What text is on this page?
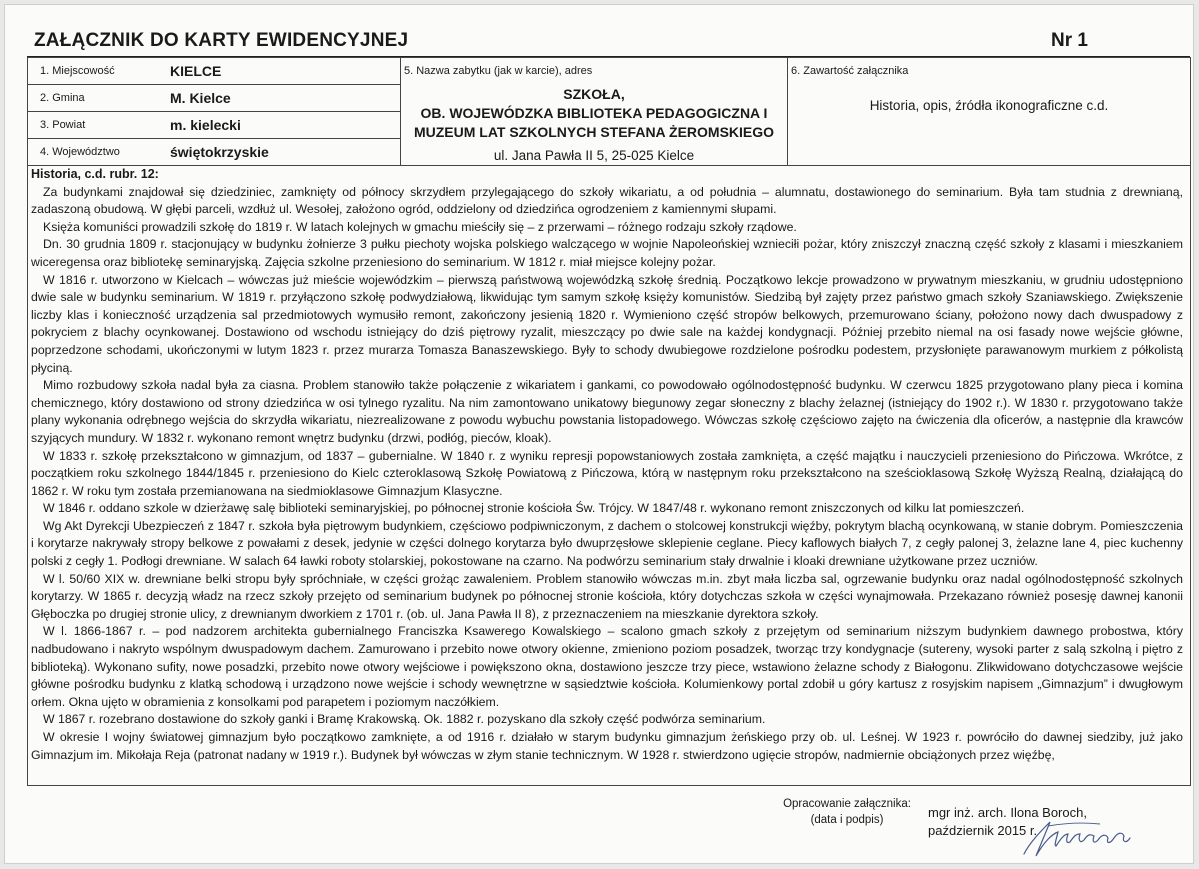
ZAŁĄCZNIK DO KARTY EWIDENCYJNEJ	Nr 1
1. Miejscowość	KIELCE	5. Nazwa zabytku (jak w karcie), adres
SZKOŁA,
OB. WOJEWÓDZKA BIBLIOTEKA PEDAGOGICZNA I
MUZEUM LAT SZKOLNYCH STEFANA ŻEROMSKIEGO
ul. Jana Pawła II 5, 25-025 Kielce

6. Zawartość załącznika
Historia, opis, źródła ikonograficzne c.d.

2. Gmina	M. Kielce

3. Powiat	m. kielecki

4. Województwo	świętokrzyskie
Historia, c.d. rubr. 12:

Za budynkami znajdował się dziedziniec, zamknięty od północy skrzydłem przylegającego do szkoły wikariatu, a od południa – alumnatu, dostawionego do seminarium. Była tam studnia z drewnianą, zadaszoną obudową. W głębi parceli, wzdłuż ul. Wesołej, założono ogród, oddzielony od dziedzińca ogrodzeniem z kamiennymi słupami.

Księża komuniści prowadzili szkołę do 1819 r. W latach kolejnych w gmachu mieściły się – z przerwami – różnego rodzaju szkoły rządowe.

Dn. 30 grudnia 1809 r. stacjonujący w budynku żołnierze 3 pułku piechoty wojska polskiego walczącego w wojnie Napoleońskiej wznieciłi pożar, który zniszczył znaczną część szkoły z klasami i mieszkaniem wiceregensa oraz bibliotekę seminaryjską. Zajęcia szkolne przeniesiono do seminarium. W 1812 r. miał miejsce kolejny pożar.

W 1816 r. utworzono w Kielcach – wówczas już mieście wojewódzkim – pierwszą państwową wojewódzką szkołę średnią. Początkowo lekcje prowadzono w prywatnym mieszkaniu, w grudniu udostępniono dwie sale w budynku seminarium. W 1819 r. przyłączono szkołę podwydziałową, likwidując tym samym szkołę księży komunistów. Siedzibą był zajęty przez państwo gmach szkoły Szaniawskiego. Zwiększenie liczby klas i konieczność urządzenia sal przedmiotowych wymusiło remont, zakończony jesienią 1820 r. Wymieniono część stropów belkowych, przemurowano ściany, położono nowy dach dwuspadowy z pokryciem z blachy ocynkowanej. Dostawiono od wschodu istniejący do dziś piętrowy ryzalit, mieszczący po dwie sale na każdej kondygnacji. Później przebito niemal na osi fasady nowe wejście główne, poprzedzone schodami, ukończonymi w lutym 1823 r. przez murarza Tomasza Banaszewskiego. Były to schody dwubiegowe rozdzielone pośrodku podestem, przysłonięte parawanowym murkiem z półkolistą płyciną.

Mimo rozbudowy szkoła nadal była za ciasna. Problem stanowiło także połączenie z wikariatem i gankami, co powodowało ogólnodostępność budynku. W czerwcu 1825 przygotowano plany pieca i komina chemicznego, który dostawiono od strony dziedzińca w osi tylnego ryzalitu. Na nim zamontowano unikatowy biegunowy zegar słoneczny z blachy żelaznej (istniejący do 1902 r.). W 1830 r. przygotowano także plany wykonania odrębnego wejścia do skrzydła wikariatu, niezrealizowane z powodu wybuchu powstania listopadowego. Wówczas szkołę częściowo zajęto na ćwiczenia dla oficerów, a następnie dla krawców szyjących mundury. W 1832 r. wykonano remont wnętrz budynku (drzwi, podłóg, pieców, kloak).

W 1833 r. szkołę przekształcono w gimnazjum, od 1837 – gubernialne. W 1840 r. z wyniku represji popowstaniowych została zamknięta, a część majątku i nauczycieli przeniesiono do Pińczowa. Wkrótce, z początkiem roku szkolnego 1844/1845 r. przeniesiono do Kielc czteroklasową Szkołę Powiatową z Pińczowa, którą w następnym roku przekształcono na sześcioklasową Szkołę Wyższą Realną, działającą do 1862 r. W roku tym została przemianowana na siedmioklasowe Gimnazjum Klasyczne.

W 1846 r. oddano szkole w dzierżawę salę biblioteki seminaryjskiej, po północnej stronie kościoła Św. Trójcy. W 1847/48 r. wykonano remont zniszczonych od kilku lat pomieszczeń.

Wg Akt Dyrekcji Ubezpieczeń z 1847 r. szkoła była piętrowym budynkiem, częściowo podpiwniczonym, z dachem o stolcowej konstrukcji więźby, pokrytym blachą ocynkowaną, w stanie dobrym. Pomieszczenia i korytarze nakrywały stropy belkowe z powałami z desek, jedynie w części dolnego korytarza było dwuprzęsłowe sklepienie ceglane. Piecy kaflowych białych 7, z cegły palonej 3, żelazne lane 4, piec kuchenny polski z cegły 1. Podłogi drewniane. W salach 64 ławki roboty stolarskiej, pokostowane na czarno. Na podwórzu seminarium stały drwalnie i kloaki drewniane użytkowane przez uczniów.

W l. 50/60 XIX w. drewniane belki stropu były spróchniałe, w części grożąc zawaleniem. Problem stanowiło wówczas m.in. zbyt mała liczba sal, ogrzewanie budynku oraz nadal ogólnodostępność szkolnych korytarzy. W 1865 r. decyzją władz na rzecz szkoły przejęto od seminarium budynek po północnej stronie kościoła, który dotychczas szkoła w części wynajmowała. Przekazano również posesję dawnej kanonii Głęboczka po drugiej stronie ulicy, z drewnianym dworkiem z 1701 r. (ob. ul. Jana Pawła II 8), z przeznaczeniem na mieszkanie dyrektora szkoły.

W l. 1866-1867 r. – pod nadzorem architekta gubernialnego Franciszka Ksawerego Kowalskiego – scalono gmach szkoły z przejętym od seminarium niższym budynkiem dawnego probostwa, który nadbudowano i nakryto wspólnym dwuspadowym dachem. Zamurowano i przebito nowe otwory okienne, zmieniono poziom posadzek, tworząc trzy kondygnacje (sutereny, wysoki parter z salą szkolną i piętro z biblioteką). Wykonano sufity, nowe posadzki, przebito nowe otwory wejściowe i powiększono okna, dostawiono jeszcze trzy piece, wstawiono żelazne schody z Białogonu. Zlikwidowano dotychczasowe wejście główne pośrodku budynku z klatką schodową i urządzono nowe wejście i schody wewnętrzne w sąsiedztwie kościoła. Kolumienkowy portal zdobił u góry kartusz z rosyjskim napisem „Gimnazjum” i dwugłowym orłem. Okna ujęto w obramienia z konsolkami pod parapetem i poziomym naczółkiem.

W 1867 r. rozebrano dostawione do szkoły ganki i Bramę Krakowską. Ok. 1882 r. pozyskano dla szkoły część podwórza seminarium.

W okresie I wojny światowej gimnazjum było początkowo zamknięte, a od 1916 r. działało w starym budynku gimnazjum żeńskiego przy ob. ul. Leśnej. W 1923 r. powróciło do dawnej siedziby, już jako Gimnazjum im. Mikołaja Reja (patronat nadany w 1919 r.). Budynek był wówczas w złym stanie technicznym. W 1928 r. stwierdzono ugięcie stropów, nadmiernie obciążonych przez więźbę,

Opracowanie załącznika:
(data i podpis)	mgr inż. arch. Ilona Boroch,
październik 2015 r.
